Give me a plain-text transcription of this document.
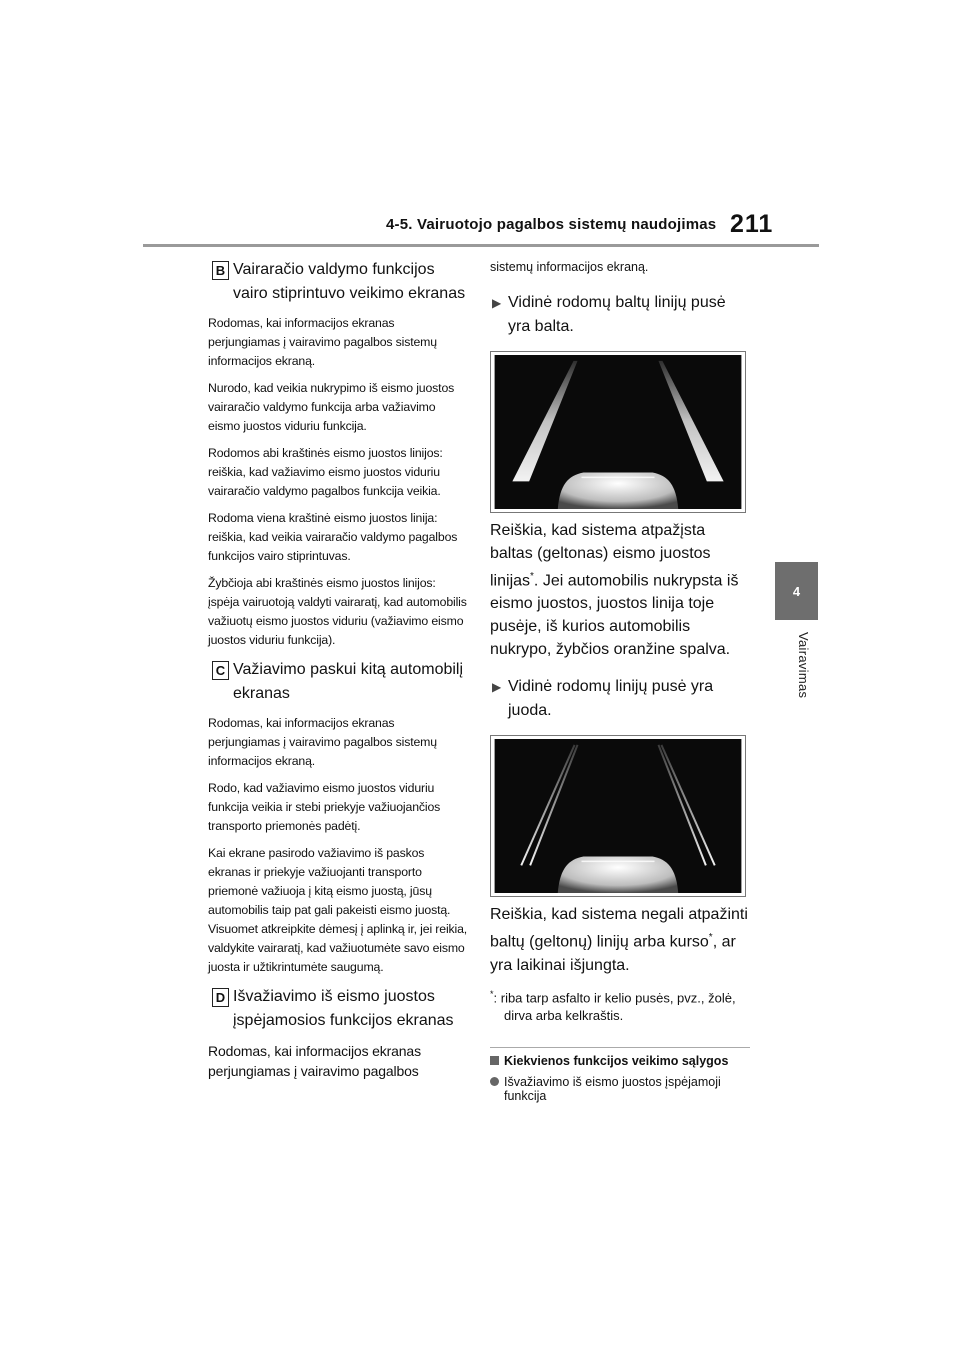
4-5. Vairuotojo pagalbos sistemų naudojimas 211
4
Vairavimas
B Vairaračio valdymo funkcijos vairo stiprintuvo veikimo ekranas

Rodomas, kai informacijos ekranas perjungiamas į vairavimo pagalbos sistemų informacijos ekraną.

Nurodo, kad veikia nukrypimo iš eismo juostos vairaračio valdymo funkcija arba važiavimo eismo juostos viduriu funkcija.

Rodomos abi kraštinės eismo juostos linijos: reiškia, kad važiavimo eismo juostos viduriu vairaračio valdymo pagalbos funkcija veikia.

Rodoma viena kraštinė eismo juostos linija: reiškia, kad veikia vairaračio valdymo pagalbos funkcijos vairo stiprintuvas.

Žybčioja abi kraštinės eismo juostos linijos: įspėja vairuotoją valdyti vairaratį, kad automobilis važiuotų eismo juostos viduriu (važiavimo eismo juostos viduriu funkcija).

C Važiavimo paskui kitą automobilį ekranas

Rodomas, kai informacijos ekranas perjungiamas į vairavimo pagalbos sistemų informacijos ekraną.

Rodo, kad važiavimo eismo juostos viduriu funkcija veikia ir stebi priekyje važiuojančios transporto priemonės padėtį.

Kai ekrane pasirodo važiavimo iš paskos ekranas ir priekyje važiuojanti transporto priemonė važiuoja į kitą eismo juostą, jūsų automobilis taip pat gali pakeisti eismo juostą. Visuomet atkreipkite dėmesį į aplinką ir, jei reikia, valdykite vairaratį, kad važiuotumėte savo eismo juosta ir užtikrintumėte saugumą.

D Išvažiavimo iš eismo juostos įspėjamosios funkcijos ekranas

Rodomas, kai informacijos ekranas perjungiamas į vairavimo pagalbos

sistemų informacijos ekraną.

▶ Vidinė rodomų baltų linijų pusė yra balta.

Reiškia, kad sistema atpažįsta baltas (geltonas) eismo juostos linijas*. Jei automobilis nukrypsta iš eismo juostos, juostos linija toje pusėje, iš kurios automobilis nukrypo, žybčios oranžine spalva.

▶ Vidinė rodomų linijų pusė yra juoda.

Reiškia, kad sistema negali atpažinti baltų (geltonų) linijų arba kurso*, ar yra laikinai išjungta.

*: riba tarp asfalto ir kelio pusės, pvz., žolė, dirva arba kelkraštis.

Kiekvienos funkcijos veikimo sąlygos
Išvažiavimo iš eismo juostos įspėjamoji funkcija
